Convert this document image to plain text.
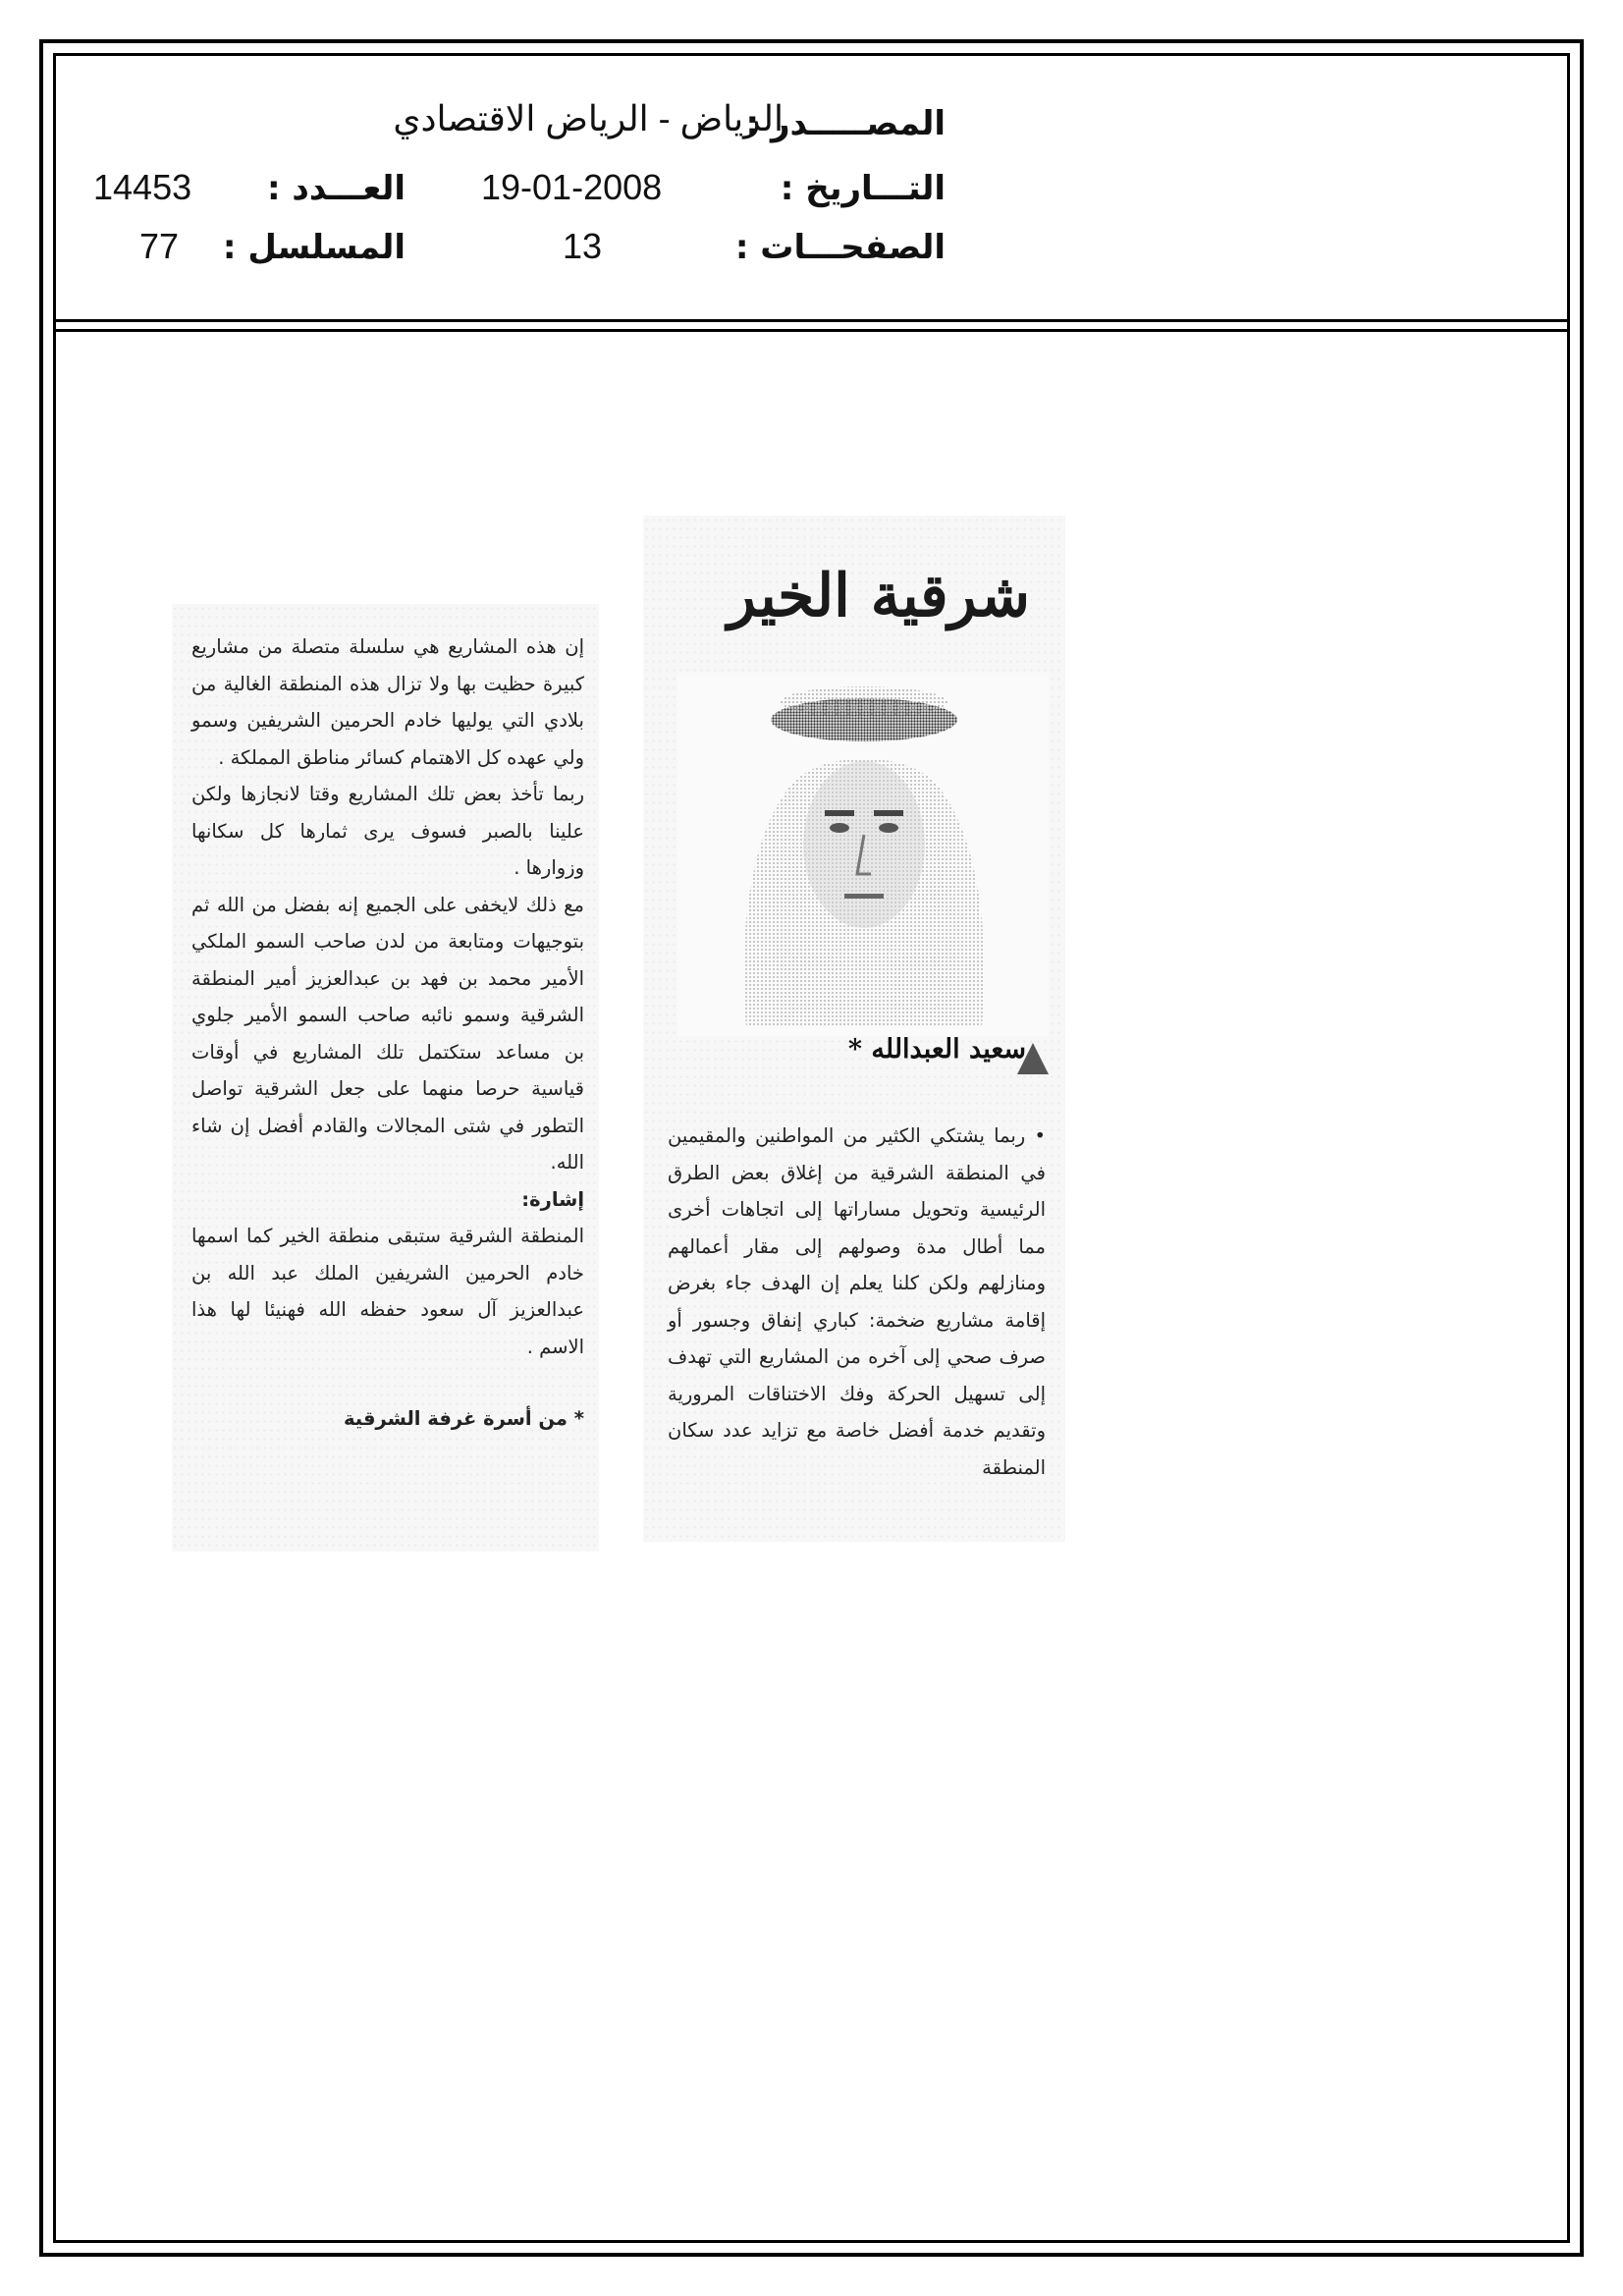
المصـــــدر :
الرياض - الرياض الاقتصادي
التـــاريخ :
19-01-2008
العـــدد :
14453
الصفحـــات :
13
المسلسل :
77
شرقية الخير
سعيد العبدالله *

• ربما يشتكي الكثير من المواطنين والمقيمين في المنطقة الشرقية من إغلاق بعض الطرق الرئيسية وتحويل مساراتها إلى اتجاهات أخرى مما أطال مدة وصولهم إلى مقار أعمالهم ومنازلهم ولكن كلنا يعلم إن الهدف جاء بغرض إقامة مشاريع ضخمة: كباري إنفاق وجسور أو صرف صحي إلى آخره من المشاريع التي تهدف إلى تسهيل الحركة وفك الاختناقات المرورية وتقديم خدمة أفضل خاصة مع تزايد عدد سكان المنطقة

إن هذه المشاريع هي سلسلة متصلة من مشاريع كبيرة حظيت بها ولا تزال هذه المنطقة الغالية من بلادي التي يوليها خادم الحرمين الشريفين وسمو ولي عهده كل الاهتمام كسائر مناطق المملكة .

ربما تأخذ بعض تلك المشاريع وقتا لانجازها ولكن علينا بالصبر فسوف يرى ثمارها كل سكانها وزوارها .

مع ذلك لايخفى على الجميع إنه بفضل من الله ثم بتوجيهات ومتابعة من لدن صاحب السمو الملكي الأمير محمد بن فهد بن عبدالعزيز أمير المنطقة الشرقية وسمو نائبه صاحب السمو الأمير جلوي بن مساعد ستكتمل تلك المشاريع في أوقات قياسية حرصا منهما على جعل الشرقية تواصل التطور في شتى المجالات والقادم أفضل إن شاء الله.

إشارة:

المنطقة الشرقية ستبقى منطقة الخير كما اسمها خادم الحرمين الشريفين الملك عبد الله بن عبدالعزيز آل سعود حفظه الله فهنيئا لها هذا الاسم .

* من أسرة غرفة الشرقية
